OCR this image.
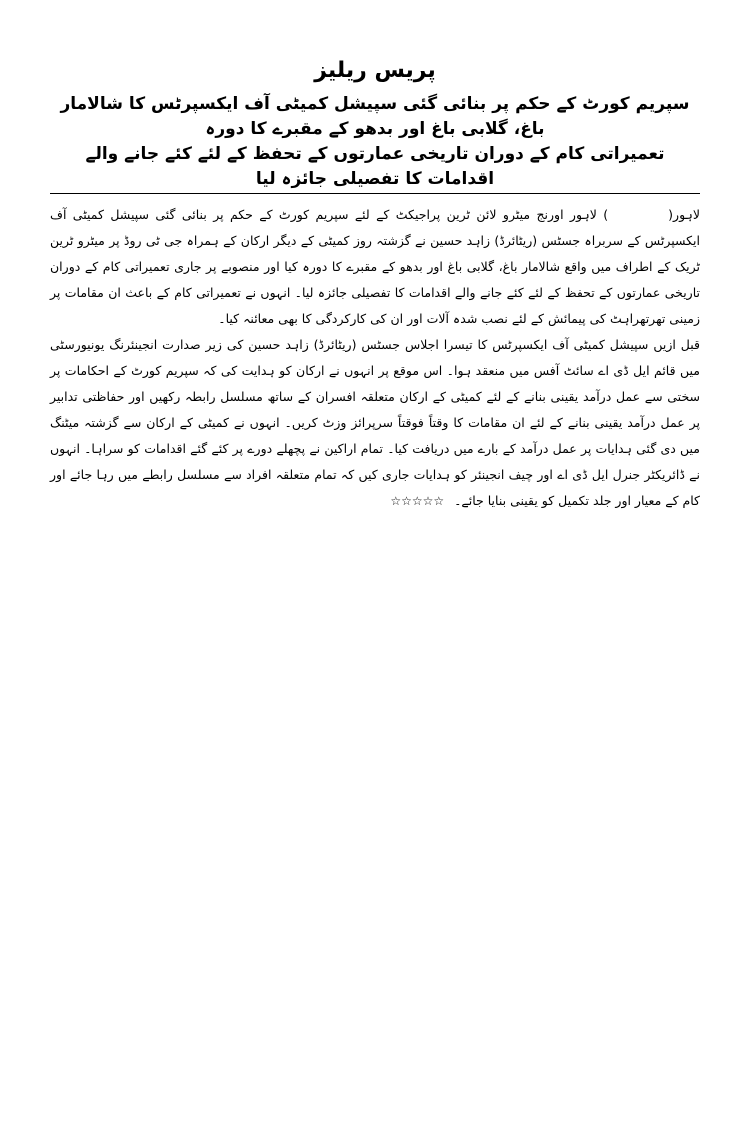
پریس ریلیز
سپریم کورٹ کے حکم پر بنائی گئی سپیشل کمیٹی آف ایکسپرٹس کا شالامار باغ، گلابی باغ اور بدھو کے مقبرے کا دورہ
تعمیراتی کام کے دوران تاریخی عمارتوں کے تحفظ کے لئے کئے جانے والے اقدامات کا تفصیلی جائزہ لیا

لاہور() لاہور اورنج میٹرو لائن ٹرین پراجیکٹ کے لئے سپریم کورٹ کے حکم پر بنائی گئی سپیشل کمیٹی آف ایکسپرٹس کے سربراہ جسٹس (ریٹائرڈ) زاہد حسین نے گزشتہ روز کمیٹی کے دیگر ارکان کے ہمراہ جی ٹی روڈ پر میٹرو ٹرین ٹریک کے اطراف میں واقع شالامار باغ، گلابی باغ اور بدھو کے مقبرے کا دورہ کیا اور منصوبے پر جاری تعمیراتی کام کے دوران تاریخی عمارتوں کے تحفظ کے لئے کئے جانے والے اقدامات کا تفصیلی جائزہ لیا۔ انہوں نے تعمیراتی کام کے باعث ان مقامات پر زمینی تھرتھراہٹ کی پیمائش کے لئے نصب شدہ آلات اور ان کی کارکردگی کا بھی معائنہ کیا۔

قبل ازیں سپیشل کمیٹی آف ایکسپرٹس کا تیسرا اجلاس جسٹس (ریٹائرڈ) زاہد حسین کی زیر صدارت انجینئرنگ یونیورسٹی میں قائم ایل ڈی اے سائٹ آفس میں منعقد ہوا۔ اس موقع پر انہوں نے ارکان کو ہدایت کی کہ سپریم کورٹ کے احکامات پر سختی سے عمل درآمد یقینی بنانے کے لئے کمیٹی کے ارکان متعلقہ افسران کے ساتھ مسلسل رابطہ رکھیں اور حفاظتی تدابیر پر عمل درآمد یقینی بنانے کے لئے ان مقامات کا وقتاً فوقتاً سرپرائز وزٹ کریں۔ انہوں نے کمیٹی کے ارکان سے گزشتہ میٹنگ میں دی گئی ہدایات پر عمل درآمد کے بارے میں دریافت کیا۔ تمام اراکین نے پچھلے دورے پر کئے گئے اقدامات کو سراہا۔ انہوں نے ڈائریکٹر جنرل ایل ڈی اے اور چیف انجینئر کو ہدایات جاری کیں کہ تمام متعلقہ افراد سے مسلسل رابطے میں رہا جائے اور کام کے معیار اور جلد تکمیل کو یقینی بنایا جائے۔ ☆☆☆☆☆
